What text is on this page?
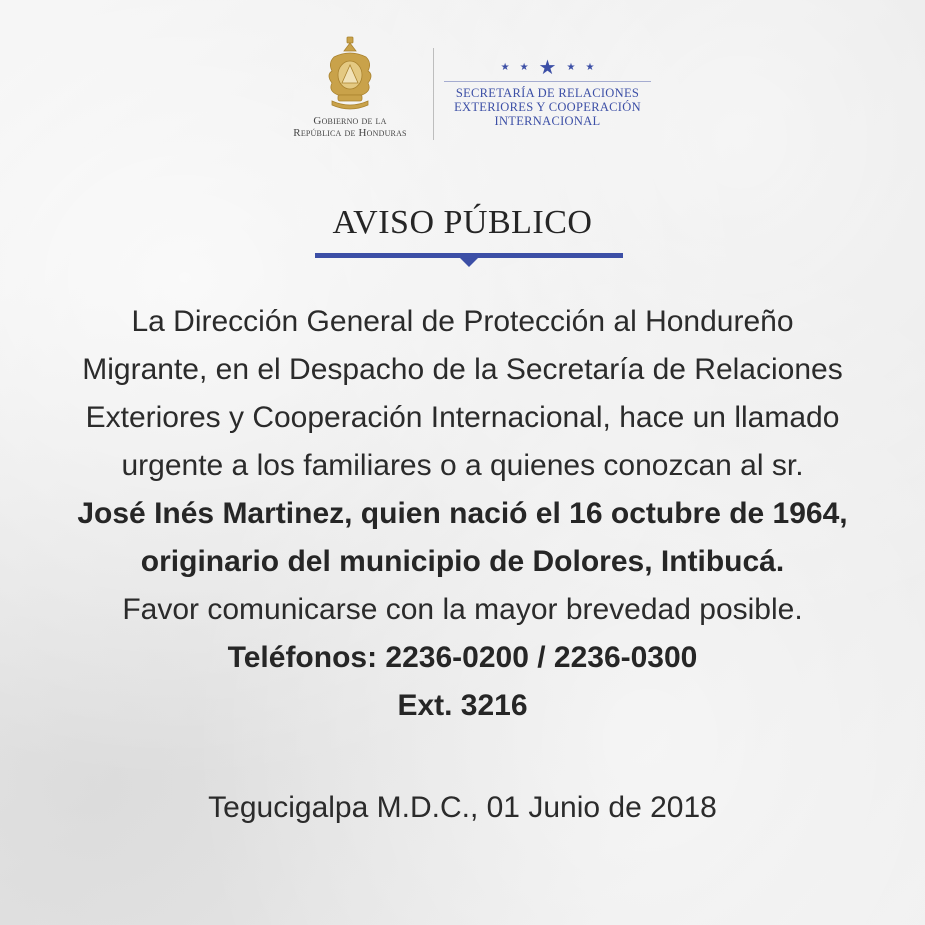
Gobierno de la
República de Honduras
★ ★ ★ ★ ★
SECRETARÍA DE RELACIONES
EXTERIORES Y COOPERACIÓN
INTERNACIONAL
AVISO PÚBLICO
La Dirección General de Protección al Hondureño
Migrante, en el Despacho de la Secretaría de Relaciones
Exteriores y Cooperación Internacional, hace un llamado
urgente a los familiares o a quienes conozcan al sr.
José Inés Martinez, quien nació el 16 octubre de 1964,
originario del municipio de Dolores, Intibucá.
Favor comunicarse con la mayor brevedad posible.
Teléfonos: 2236-0200 / 2236-0300
Ext. 3216
Tegucigalpa M.D.C., 01 Junio de 2018
